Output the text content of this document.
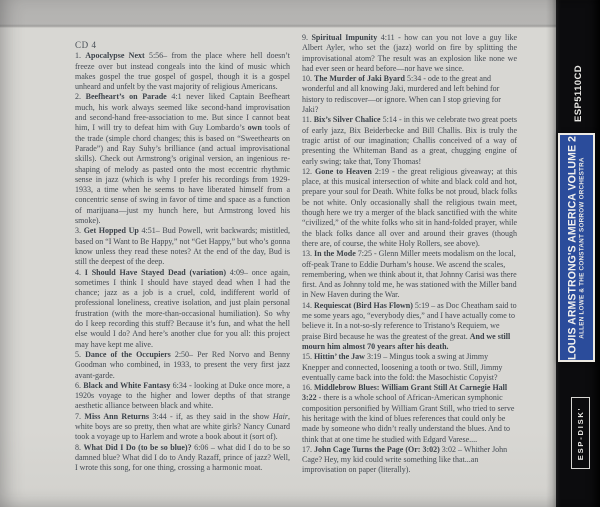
CD 4

1. Apocalypse Next 5:56– from the place where hell doesn’t freeze over but instead congeals into the kind of music which makes gospel the true gospel of gospel, though it is a gospel unheard and unfelt by the vast majority of religious Americans.

2. Beefheart’s on Parade 4:1 never liked Captain Beefheart much, his work always seemed like second-hand improvisation and second-hand free-association to me. But since I cannot beat him, I will try to defeat him with Guy Lombardo’s own tools of the trade (simple chord changes; this is based on “Sweethearts on Parade”) and Ray Suhy’s brilliance (and actual improvisational skills). Check out Armstrong’s original version, an ingenious re-shaping of melody as pasted onto the most eccentric rhythmic sense in jazz (which is why I prefer his recordings from 1929-1933, a time when he seems to have liberated himself from a concentric sense of swing in favor of time and space as a function of marijuana—just my hunch here, but Armstrong loved his smoke).

3. Get Hopped Up 4:51– Bud Powell, writ backwards; mistitled, based on “I Want to Be Happy,” not “Get Happy,” but who’s gonna know unless they read these notes? At the end of the day, Bud is still the deepest of the deep.

4. I Should Have Stayed Dead (variation) 4:09– once again, sometimes I think I should have stayed dead when I had the chance; jazz as a job is a cruel, cold, indifferent world of professional loneliness, creative isolation, and just plain personal frustration (with the more-than-occasional humiliation). So why do I keep recording this stuff? Because it’s fun, and what the hell else would I do? And here’s another clue for you all: this project may have kept me alive.

5. Dance of the Occupiers 2:50– Per Red Norvo and Benny Goodman who combined, in 1933, to present the very first jazz avant-garde.

6. Black and White Fantasy 6:34 - looking at Duke once more, a 1920s voyage to the higher and lower depths of that strange aesthetic alliance between black and white.

7. Miss Ann Returns 3:44 - if, as they said in the show Hair, white boys are so pretty, then what are white girls? Nancy Cunard took a voyage up to Harlem and wrote a book about it (sort of).

8. What Did I Do (to be so blue)? 6:06 – what did I do to be so damned blue? What did I do to Andy Razaff, prince of jazz? Well, I wrote this song, for one thing, crossing a harmonic moat.

9. Spiritual Impunity 4:11 - how can you not love a guy like Albert Ayler, who set the (jazz) world on fire by splitting the improvisational atom? The result was an explosion like none we had ever seen or heard before—nor have we since.

10. The Murder of Jaki Byard 5:34 - ode to the great and wonderful and all knowing Jaki, murdered and left behind for history to rediscover—or ignore. When can I stop grieving for Jaki?

11. Bix’s Silver Chalice 5:14 - in this we celebrate two great poets of early jazz, Bix Beiderbecke and Bill Challis. Bix is truly the tragic artist of our imagination; Challis conceived of a way of presenting the Whiteman Band as a great, chugging engine of early swing; take that, Tony Thomas!

12. Gone to Heaven 2:19 - the great religious giveaway; at this place, at this musical intersection of white and black cold and hot, prepare your soul for Death. White folks be not proud, black folks be not white. Only occasionally shall the religious twain meet, though here we try a merger of the black sanctified with the white “civilized,” of the white folks who sit in hand-folded prayer, while the black folks dance all over and around their graves (though there are, of course, the white Holy Rollers, see above).

13. In the Mode 7:25 - Glenn Miller meets modalism on the local, off-peak Trane to Eddie Durham’s house. We ascend the scales, remembering, when we think about it, that Johnny Carisi was there first. And as Johnny told me, he was stationed with the Miller band in New Haven during the War.

14. Requiescat (Bird Has Flown) 5:19 – as Doc Cheatham said to me some years ago, “everybody dies,” and I have actually come to believe it. In a not-so-sly reference to Tristano’s Requiem, we praise Bird because he was the greatest of the great. And we still mourn him almost 70 years after his death.

15. Hittin’ the Jaw 3:19 – Mingus took a swing at Jimmy Knepper and connected, loosening a tooth or two. Still, Jimmy eventually came back into the fold: the Masochistic Copyist?

16. Middlebrow Blues: William Grant Still At Carnegie Hall 3:22 - there is a whole school of African-American symphonic composition personified by William Grant Still, who tried to serve his heritage with the kind of blues references that could only be made by someone who didn’t really understand the blues. And to think that at one time he studied with Edgard Varese....

17. John Cage Turns the Page (Or: 3:02) 3:02 – Whither John Cage? Hey, my kid could write something like that...an improvisation on paper (literally).

ESP5110CD
LOUIS ARMSTRONG'S AMERICA VOLUME 2 ALLEN LOWE & THE CONSTANT SORROW ORCHESTRA
ESP-DISK'
